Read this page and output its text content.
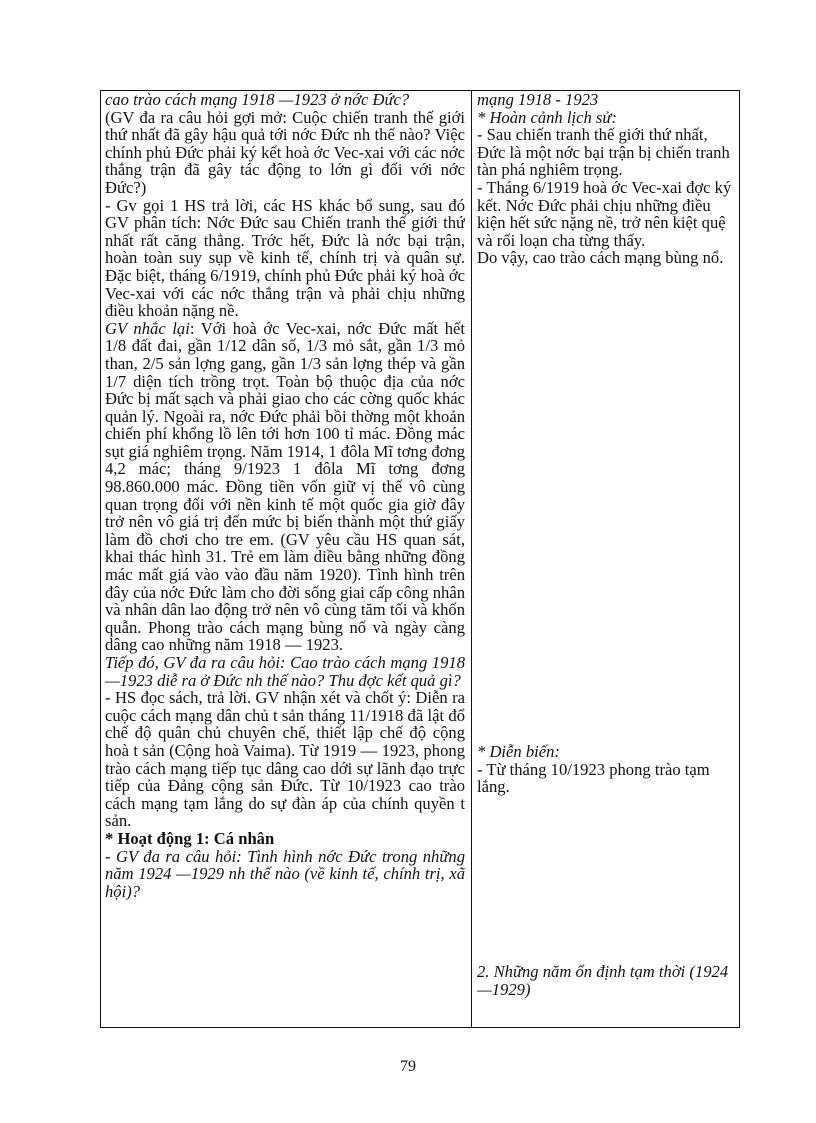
cao trào cách mạng 1918 —1923 ở nớc Đức?

(GV đa ra câu hỏi gợi mở: Cuộc chiến tranh thế giới thứ nhất đã gây hậu quả tới nớc Đức nh thế nào? Việc chính phủ Đức phải ký kết hoà ớc Vec-xai với các nớc thắng trận đã gây tác động to lớn gì đối với nớc Đức?)

- Gv gọi 1 HS trả lời, các HS khác bổ sung, sau đó GV phân tích: Nớc Đức sau Chiến tranh thế giới thứ nhất rất căng thẳng. Trớc hết, Đức là nớc bại trận, hoàn toàn suy sụp về kinh tế, chính trị và quân sự. Đặc biệt, tháng 6/1919, chính phủ Đức phải ký hoà ớc Vec-xai với các nớc thắng trận và phải chịu những điều khoản nặng nề.

GV nhắc lại: Với hoà ớc Vec-xai, nớc Đức mất hết 1/8 đất đai, gần 1/12 dân số, 1/3 mỏ sắt, gần 1/3 mỏ than, 2/5 sản lợng gang, gần 1/3 sản lợng thép và gần 1/7 diện tích trồng trọt. Toàn bộ thuộc địa của nớc Đức bị mất sạch và phải giao cho các cờng quốc khác quản lý. Ngoài ra, nớc Đức phải bồi thờng một khoản chiến phí khổng lồ lên tới hơn 100 tỉ mác. Đồng mác sụt giá nghiêm trọng. Năm 1914, 1 đôla Mĩ tơng đơng 4,2 mác; tháng 9/1923 1 đôla Mĩ tơng đơng 98.860.000 mác. Đồng tiền vốn giữ vị thế vô cùng quan trọng đối với nền kinh tế một quốc gia giờ đây trở nên vô giá trị đến mức bị biến thành một thứ giấy làm đồ chơi cho tre em. (GV yêu cầu HS quan sát, khai thác hình 31. Trẻ em làm diều bằng những đồng mác mất giá vào vào đầu năm 1920). Tình hình trên đây của nớc Đức làm cho đời sống giai cấp công nhân và nhân dân lao động trở nên vô cùng tăm tối và khốn quẫn. Phong trào cách mạng bùng nổ và ngày càng dâng cao những năm 1918 — 1923.

Tiếp đó, GV đa ra câu hỏi: Cao trào cách mạng 1918 —1923 diễ ra ở Đức nh thế nào? Thu đợc kết quả gì?

- HS đọc sách, trả lời. GV nhận xét và chốt ý: Diễn ra cuộc cách mạng dân chủ t sản tháng 11/1918 đã lật đổ chế độ quân chủ chuyên chế, thiết lập chế độ cộng hoà t sản (Cộng hoà Vaima). Từ 1919 — 1923, phong trào cách mạng tiếp tục dâng cao dới sự lãnh đạo trực tiếp của Đảng cộng sản Đức. Từ 10/1923 cao trào cách mạng tạm lắng do sự đàn áp của chính quyền t sản.

* Hoạt động 1: Cá nhân

- GV đa ra câu hỏi: Tình hình nớc Đức trong những năm 1924 —1929 nh thế nào (về kinh tế, chính trị, xã hội)?

mạng 1918 - 1923

* Hoàn cảnh lịch sử:

- Sau chiến tranh thế giới thứ nhất, Đức là một nớc bại trận bị chiến tranh tàn phá nghiêm trọng.

- Tháng 6/1919 hoà ớc Vec-xai đợc ký kết. Nớc Đức phải chịu những điều kiện hết sức nặng nề, trở nên kiệt quệ và rối loạn cha từng thấy.

Do vậy, cao trào cách mạng bùng nổ.

* Diễn biến:

- Từ tháng 10/1923 phong trào tạm lắng.

2. Những năm ổn định tạm thời (1924 —1929)

79
